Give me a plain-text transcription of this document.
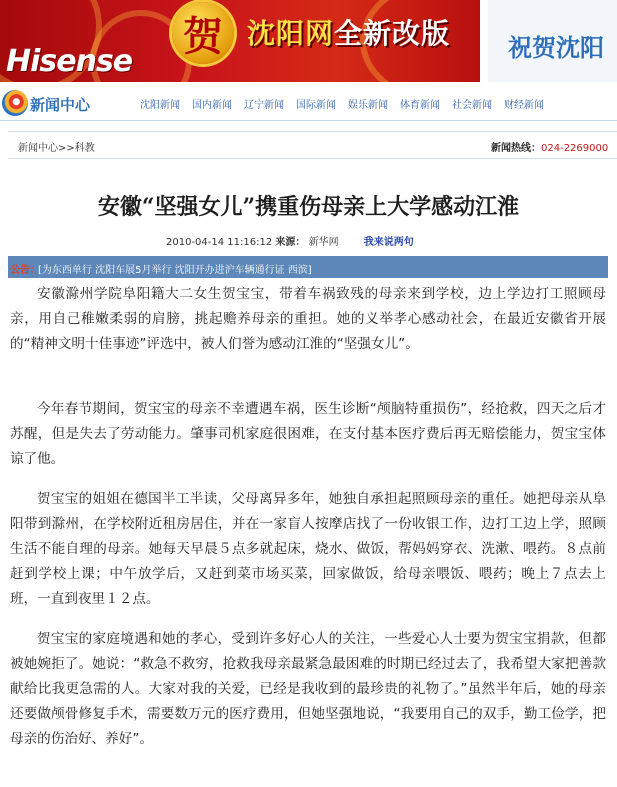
Hisense
贺 沈阳网全新改版 祝贺沈阳
新闻中心	沈阳新闻 国内新闻 辽宁新闻 国际新闻 娱乐新闻 体育新闻 社会新闻 财经新闻
新闻中心>>科教	新闻热线：024-2269000
安徽“坚强女儿”携重伤母亲上大学感动江淮
2010-04-14 11:16:12 来源： 新华网	我来说两句
公告：
[为东西单行 沈阳车展5月举行 沈阳开办进沪车辆通行证 西滨]

安徽滁州学院阜阳籍大二女生贺宝宝，带着车祸致残的母亲来到学校，边上学边打工照顾母亲，用自己稚嫩柔弱的肩膀，挑起赡养母亲的重担。她的义举孝心感动社会，在最近安徽省开展的“精神文明十佳事迹”评选中，被人们誉为感动江淮的“坚强女儿”。

今年春节期间，贺宝宝的母亲不幸遭遇车祸，医生诊断“颅脑特重损伤”，经抢救，四天之后才苏醒，但是失去了劳动能力。肇事司机家庭很困难，在支付基本医疗费后再无赔偿能力，贺宝宝体谅了他。

贺宝宝的姐姐在德国半工半读，父母离异多年，她独自承担起照顾母亲的重任。她把母亲从阜阳带到滁州，在学校附近租房居住，并在一家盲人按摩店找了一份收银工作，边打工边上学，照顾生活不能自理的母亲。她每天早晨５点多就起床，烧水、做饭，帮妈妈穿衣、洗漱、喂药。８点前赶到学校上课；中午放学后，又赶到菜市场买菜，回家做饭，给母亲喂饭、喂药；晚上７点去上班，一直到夜里１２点。

贺宝宝的家庭境遇和她的孝心，受到许多好心人的关注，一些爱心人士要为贺宝宝捐款，但都被她婉拒了。她说：“救急不救穷，抢救我母亲最紧急最困难的时期已经过去了，我希望大家把善款献给比我更急需的人。大家对我的关爱，已经是我收到的最珍贵的礼物了。”虽然半年后，她的母亲还要做颅骨修复手术，需要数万元的医疗费用，但她坚强地说，“我要用自己的双手，勤工俭学，把母亲的伤治好、养好”。
